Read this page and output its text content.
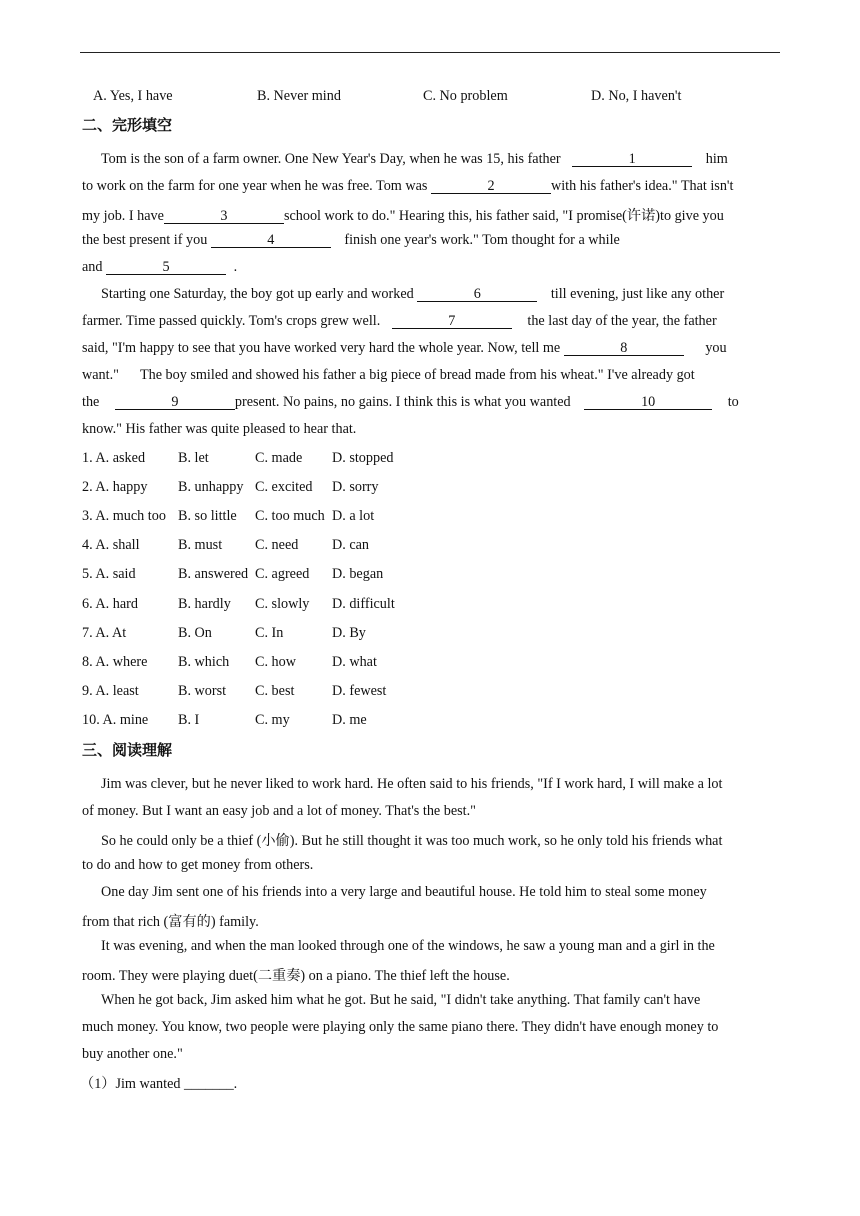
A. Yes, I have	B. Never mind	C. No problem	D. No, I haven't
二、完形填空
Tom is the son of a farm owner. One New Year's Day, when he was 15, his father	1	him
to work on the farm for one year when he was free. Tom was	2	with his father's idea." That isn't
my job. I have	3	school work to do." Hearing this, his father said, "I promise(许诺)to give you
the best present if you	4	finish one year's work." Tom thought for a while
and	5	.
Starting one Saturday, the boy got up early and worked	6	till evening, just like any other
farmer. Time passed quickly. Tom's crops grew well.	7	the last day of the year, the father
said, "I'm happy to see that you have worked very hard the whole year. Now, tell me	8	you
want."      The boy smiled and showed his father a big piece of bread made from his wheat." I've already got
the	9	present. No pains, no gains. I think this is what you wanted	10	to
know." His father was quite pleased to hear that.
1. A. asked B. let	C. made D. stopped
2. A. happy B. unhappy C. excited D. sorry
3. A. much too B. so little C. too much D. a lot
4. A. shall	B. must C. need D. can
5. A. said	B. answered C. agreed D. began
6. A. hard	B. hardly C. slowly D. difficult
7. A. At	B. On	C. In	D. By
8. A. where B. which C. how	D. what
9. A. least	B. worst C. best	D. fewest
10. A. mine B. I	C. my	D. me
三、阅读理解
Jim was clever, but he never liked to work hard. He often said to his friends, "If I work hard, I will make a lot
of money. But I want an easy job and a lot of money. That's the best."
So he could only be a thief (小偷). But he still thought it was too much work, so he only told his friends what
to do and how to get money from others.
One day Jim sent one of his friends into a very large and beautiful house. He told him to steal some money
from that rich (富有的) family.
It was evening, and when the man looked through one of the windows, he saw a young man and a girl in the
room. They were playing duet(二重奏) on a piano. The thief left the house.
When he got back, Jim asked him what he got. But he said, "I didn't take anything. That family can't have
much money. You know, two people were playing only the same piano there. They didn't have enough money to
buy another one."
（1）Jim wanted _______.
